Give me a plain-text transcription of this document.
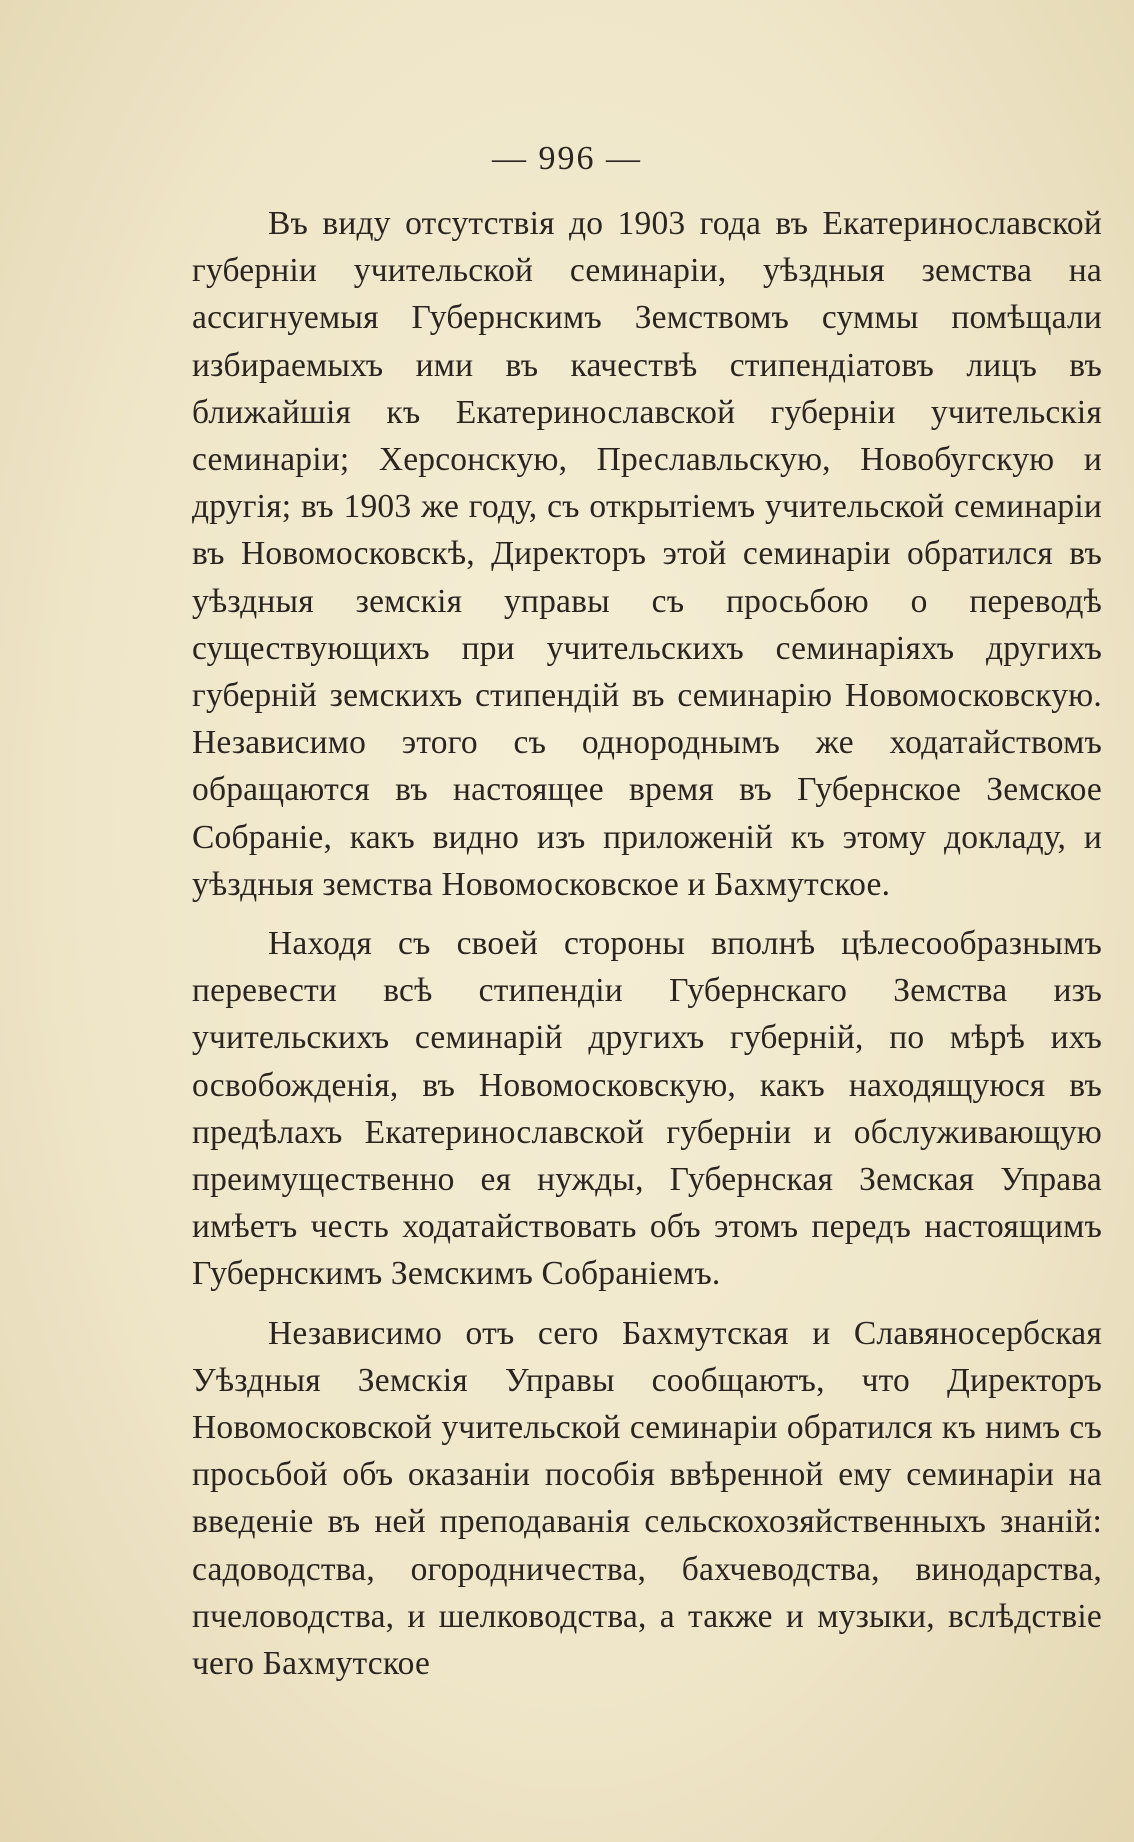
— 996 —

Въ виду отсутствія до 1903 года въ Екатеринославской губерніи учительской семинаріи, уѣздныя земства на ассигнуемыя Губернскимъ Земствомъ суммы помѣщали избираемыхъ ими въ качествѣ стипендіатовъ лицъ въ ближайшія къ Екатеринославской губерніи учительскія семинаріи; Херсонскую, Преславльскую, Новобугскую и другія; въ 1903 же году, съ открытіемъ учительской семинаріи въ Новомосковскѣ, Директоръ этой семинаріи обратился въ уѣздныя земскія управы съ просьбою о переводѣ существующихъ при учительскихъ семинаріяхъ другихъ губерній земскихъ стипендій въ семинарію Новомосковскую. Независимо этого съ однороднымъ же ходатайствомъ обращаются въ настоящее время въ Губернское Земское Собраніе, какъ видно изъ приложеній къ этому докладу, и уѣздныя земства Новомосковское и Бахмутское.

Находя съ своей стороны вполнѣ цѣлесообразнымъ перевести всѣ стипендіи Губернскаго Земства изъ учительскихъ семинарій другихъ губерній, по мѣрѣ ихъ освобожденія, въ Новомосковскую, какъ находящуюся въ предѣлахъ Екатеринославской губерніи и обслуживающую преимущественно ея нужды, Губернская Земская Управа имѣетъ честь ходатайствовать объ этомъ передъ настоящимъ Губернскимъ Земскимъ Собраніемъ.

Независимо отъ сего Бахмутская и Славяносербская Уѣздныя Земскія Управы сообщаютъ, что Директоръ Новомосковской учительской семинаріи обратился къ нимъ съ просьбой объ оказаніи пособія ввѣренной ему семинаріи на введеніе въ ней преподаванія сельскохозяйственныхъ знаній: садоводства, огородничества, бахчеводства, винодарства, пчеловодства, и шелководства, а также и музыки, вслѣдствіе чего Бахмутское
